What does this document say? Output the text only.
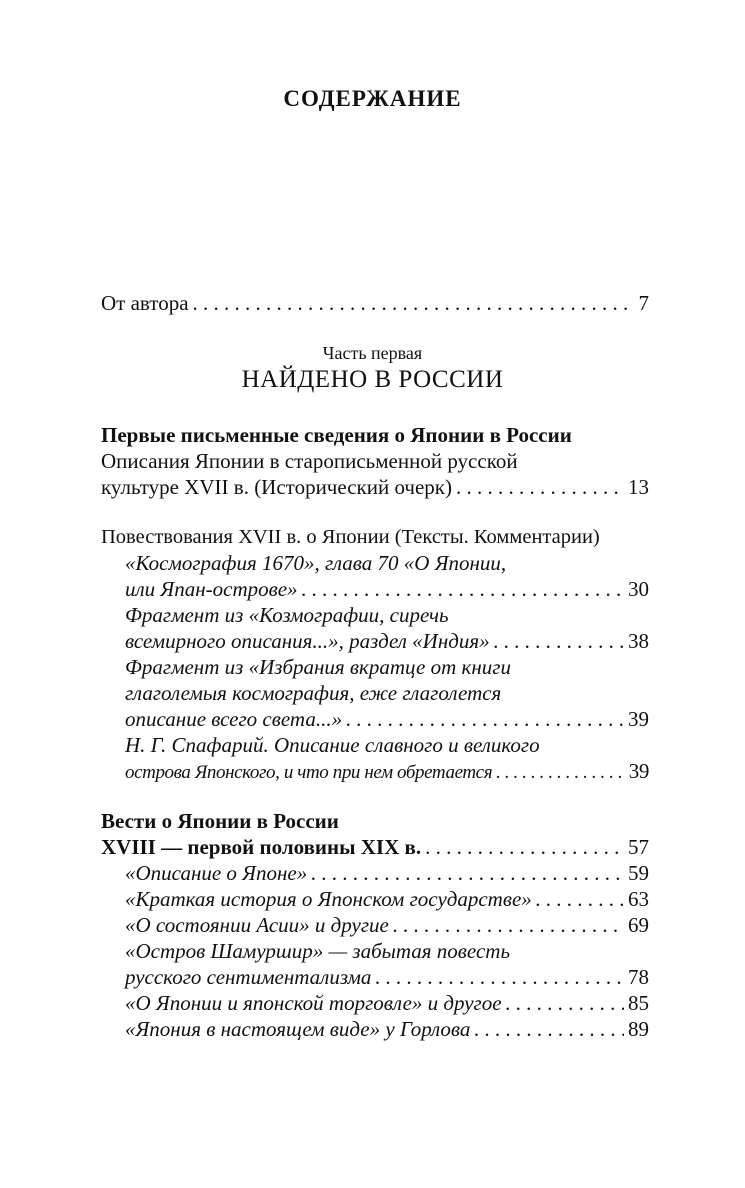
СОДЕРЖАНИЕ
От автора . . .	7
Часть первая
НАЙДЕНО В РОССИИ
Первые письменные сведения о Японии в России
Описания Японии в старописьменной русской
культуре XVII в. (Исторический очерк) . . .	13
Повествования XVII в. о Японии (Тексты. Комментарии)
«Космография 1670», глава 70 «О Японии,
или Япан-острове» . . .	30
Фрагмент из «Козмографии, сиречь
всемирного описания...», раздел «Индия» . . .	38
Фрагмент из «Избрания вкратце от книги
глаголемыя космография, еже глаголется
описание всего света...» . . .	39
Н. Г. Спафарий. Описание славного и великого
острова Японского, и что при нем обретается . . .	39
Вести о Японии в России
XVIII — первой половины XIX в. . . .	57
«Описание о Японе» . . .	59
«Краткая история о Японском государстве» . . .	63
«О состоянии Асии» и другие . . .	69
«Остров Шамуршир» — забытая повесть
русского сентиментализма . . .	78
«О Японии и японской торговле» и другое . . .	85
«Япония в настоящем виде» у Горлова . . .	89
